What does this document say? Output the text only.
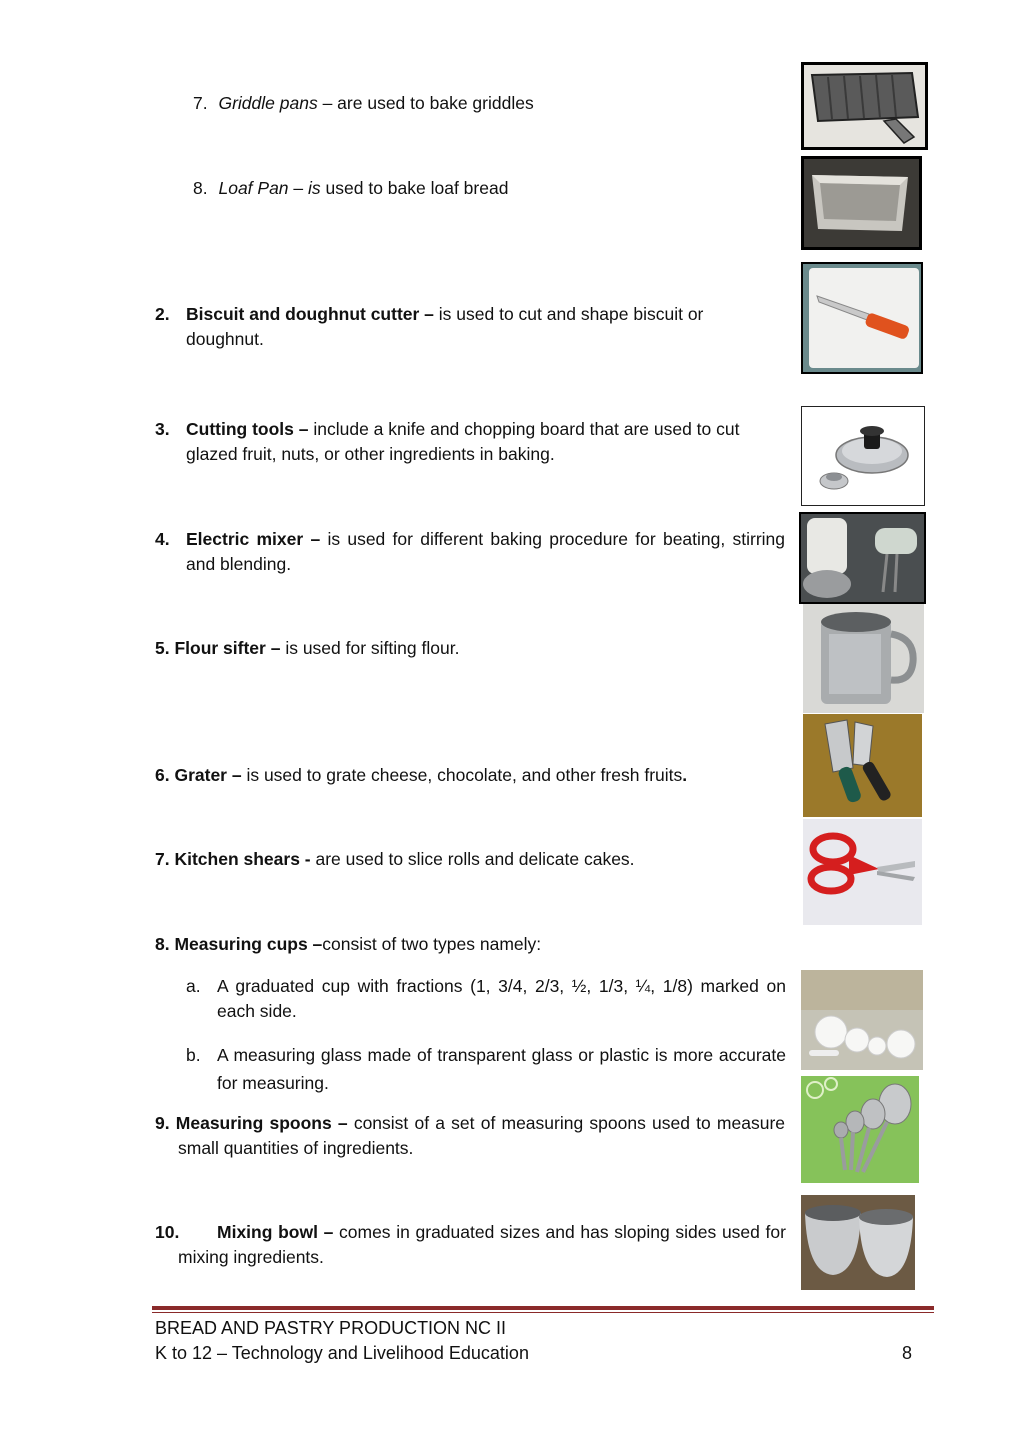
7. Griddle pans – are used to bake griddles
8. Loaf Pan – is used to bake loaf bread
2. Biscuit and doughnut cutter – is used to cut and shape biscuit or doughnut.
3. Cutting tools – include a knife and chopping board that are used to cut glazed fruit, nuts, or other ingredients in baking.
4. Electric mixer – is used for different baking procedure for beating, stirring and blending.
5. Flour sifter – is used for sifting flour.
6. Grater – is used to grate cheese, chocolate, and other fresh fruits.
7. Kitchen shears - are used to slice rolls and delicate cakes.
8. Measuring cups –consist of two types namely:
a. A graduated cup with fractions (1, 3/4, 2/3, ½, 1/3, ¼, 1/8) marked on each side.
b. A measuring glass made of transparent glass or plastic is more accurate for measuring.
9. Measuring spoons – consist of a set of measuring spoons used to measure small quantities of ingredients.
10. Mixing bowl – comes in graduated sizes and has sloping sides used for mixing ingredients.
BREAD AND PASTRY PRODUCTION NC II
K to 12 – Technology and Livelihood Education	8
